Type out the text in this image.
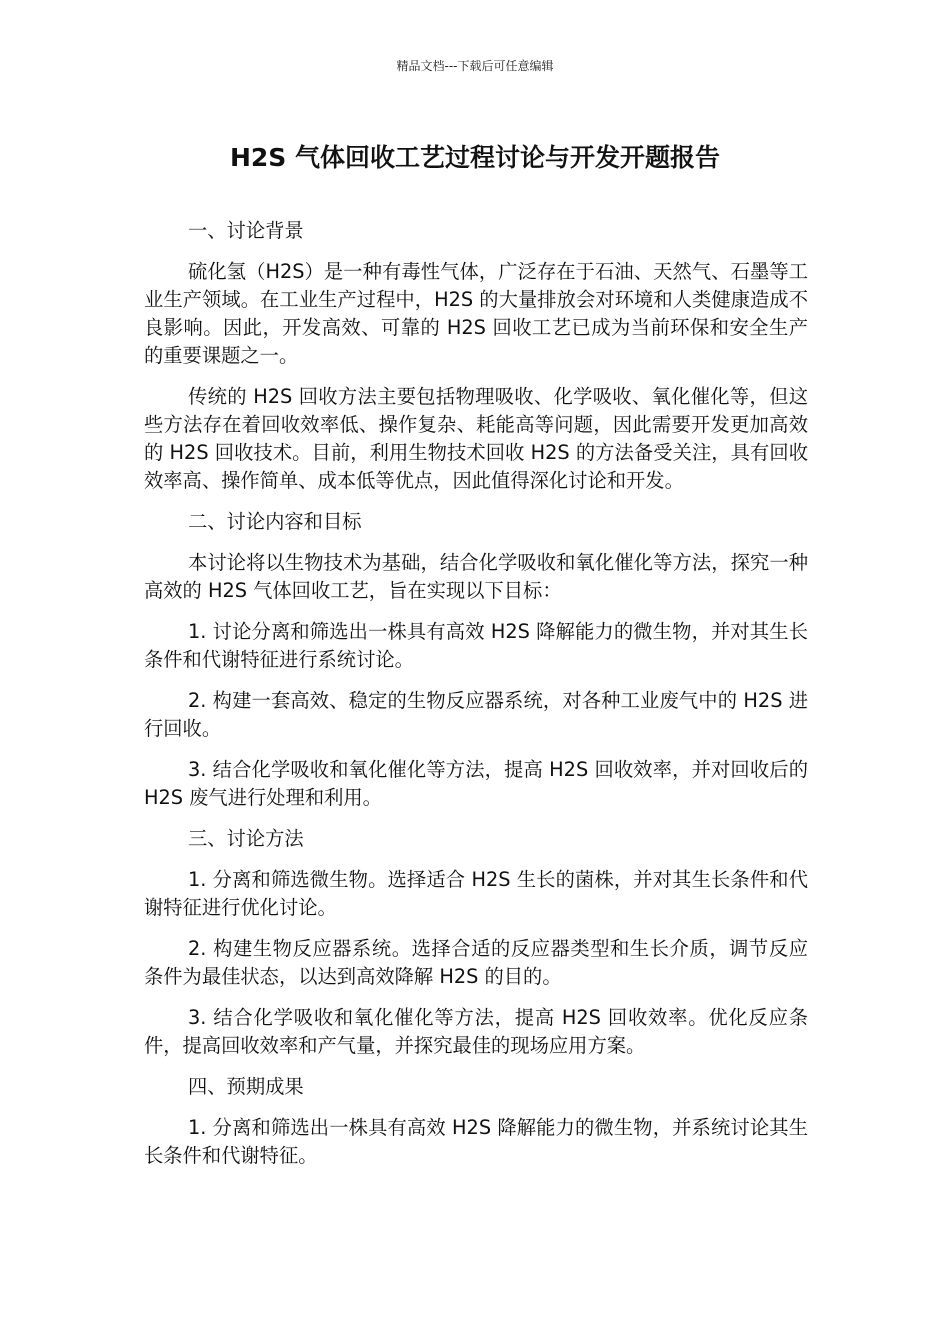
精品文档---下载后可任意编辑
H2S 气体回收工艺过程讨论与开发开题报告

一、讨论背景

硫化氢（H2S）是一种有毒性气体，广泛存在于石油、天然气、石墨等工业生产领域。在工业生产过程中，H2S 的大量排放会对环境和人类健康造成不良影响。因此，开发高效、可靠的 H2S 回收工艺已成为当前环保和安全生产的重要课题之一。

传统的 H2S 回收方法主要包括物理吸收、化学吸收、氧化催化等，但这些方法存在着回收效率低、操作复杂、耗能高等问题，因此需要开发更加高效的 H2S 回收技术。目前，利用生物技术回收 H2S 的方法备受关注，具有回收效率高、操作简单、成本低等优点，因此值得深化讨论和开发。

二、讨论内容和目标

本讨论将以生物技术为基础，结合化学吸收和氧化催化等方法，探究一种高效的 H2S 气体回收工艺，旨在实现以下目标：

1. 讨论分离和筛选出一株具有高效 H2S 降解能力的微生物，并对其生长条件和代谢特征进行系统讨论。

2. 构建一套高效、稳定的生物反应器系统，对各种工业废气中的 H2S 进行回收。

3. 结合化学吸收和氧化催化等方法，提高 H2S 回收效率，并对回收后的 H2S 废气进行处理和利用。

三、讨论方法

1. 分离和筛选微生物。选择适合 H2S 生长的菌株，并对其生长条件和代谢特征进行优化讨论。

2. 构建生物反应器系统。选择合适的反应器类型和生长介质，调节反应条件为最佳状态，以达到高效降解 H2S 的目的。

3. 结合化学吸收和氧化催化等方法，提高 H2S 回收效率。优化反应条件，提高回收效率和产气量，并探究最佳的现场应用方案。

四、预期成果

1. 分离和筛选出一株具有高效 H2S 降解能力的微生物，并系统讨论其生长条件和代谢特征。
